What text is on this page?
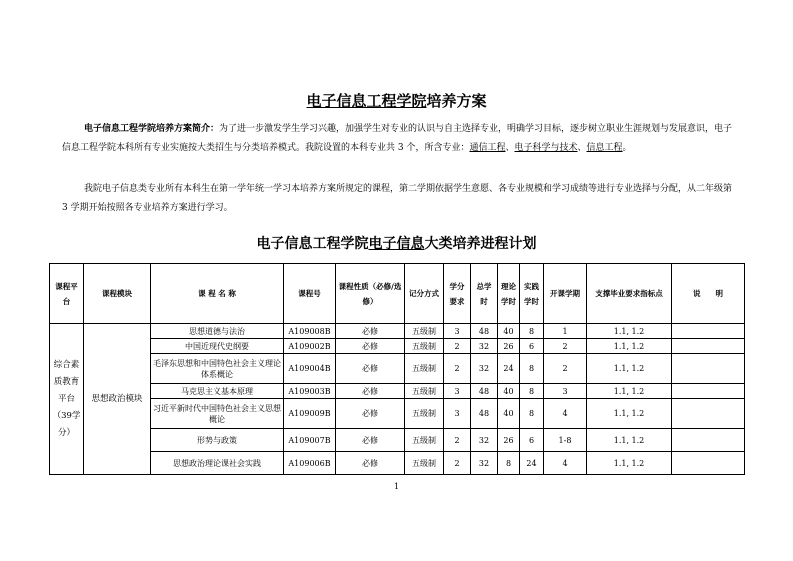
电子信息工程学院培养方案
电子信息工程学院培养方案简介：为了进一步激发学生学习兴趣，加强学生对专业的认识与自主选择专业，明确学习目标，逐步树立职业生涯规划与发展意识，电子信息工程学院本科所有专业实施按大类招生与分类培养模式。我院设置的本科专业共 3 个，所含专业：通信工程、电子科学与技术、信息工程。
我院电子信息类专业所有本科生在第一学年统一学习本培养方案所规定的课程，第二学期依据学生意愿、各专业规模和学习成绩等进行专业选择与分配，从二年级第 3 学期开始按照各专业培养方案进行学习。
电子信息工程学院电子信息大类培养进程计划
课程平台	课程模块	课 程 名 称	课程号	课程性质（必修/选修）	记分方式	学分要求	总学时	理论学时	实践学时	开课学期	支撑毕业要求指标点	说　　明
综合素质教育平台（39学分）	思想政治模块	思想道德与法治	A109008B	必修	五级制	3	48	40	8	1	1.1, 1.2	
		中国近现代史纲要	A109002B	必修	五级制	2	32	26	6	2	1.1, 1.2	
		毛泽东思想和中国特色社会主义理论体系概论	A109004B	必修	五级制	2	32	24	8	2	1.1, 1.2	
		马克思主义基本原理	A109003B	必修	五级制	3	48	40	8	3	1.1, 1.2	
		习近平新时代中国特色社会主义思想概论	A109009B	必修	五级制	3	48	40	8	4	1.1, 1.2	
		形势与政策	A109007B	必修	五级制	2	32	26	6	1-8	1.1, 1.2	
		思想政治理论课社会实践	A109006B	必修	五级制	2	32	8	24	4	1.1, 1.2	
1
